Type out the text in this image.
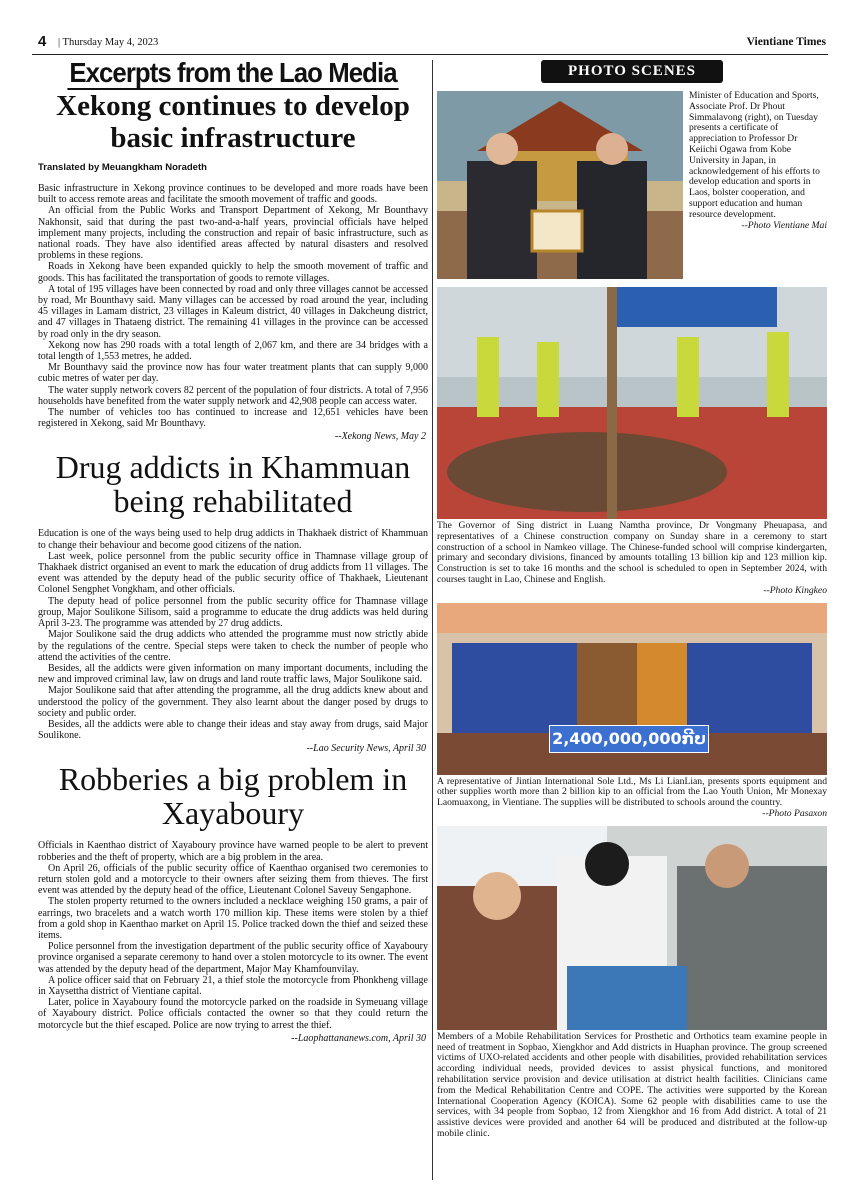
4 | Thursday May 4, 2023	Vientiane Times
Excerpts from the Lao Media
Xekong continues to develop basic infrastructure
Translated by Meuangkham Noradeth

Basic infrastructure in Xekong province continues to be developed and more roads have been built to access remote areas and facilitate the smooth movement of traffic and goods.

An official from the Public Works and Transport Department of Xekong, Mr Bounthavy Nakhonsit, said that during the past two-and-a-half years, provincial officials have helped implement many projects, including the construction and repair of basic infrastructure, such as national roads. They have also identified areas affected by natural disasters and resolved problems in these regions.

Roads in Xekong have been expanded quickly to help the smooth movement of traffic and goods. This has facilitated the transportation of goods to remote villages.

A total of 195 villages have been connected by road and only three villages cannot be accessed by road, Mr Bounthavy said. Many villages can be accessed by road around the year, including 45 villages in Lamam district, 23 villages in Kaleum district, 40 villages in Dakcheung district, and 47 villages in Thataeng district. The remaining 41 villages in the province can be accessed by road only in the dry season.

Xekong now has 290 roads with a total length of 2,067 km, and there are 34 bridges with a total length of 1,553 metres, he added.

Mr Bounthavy said the province now has four water treatment plants that can supply 9,000 cubic metres of water per day.

The water supply network covers 82 percent of the population of four districts. A total of 7,956 households have benefited from the water supply network and 42,908 people can access water.

The number of vehicles too has continued to increase and 12,651 vehicles have been registered in Xekong, said Mr Bounthavy.

--Xekong News, May 2
Drug addicts in Khammuan being rehabilitated

Education is one of the ways being used to help drug addicts in Thakhaek district of Khammuan to change their behaviour and become good citizens of the nation.

Last week, police personnel from the public security office in Thamnase village group of Thakhaek district organised an event to mark the education of drug addicts from 11 villages. The event was attended by the deputy head of the public security office of Thakhaek, Lieutenant Colonel Sengphet Vongkham, and other officials.

The deputy head of police personnel from the public security office for Thamnase village group, Major Soulikone Silisom, said a programme to educate the drug addicts was held during April 3-23. The programme was attended by 27 drug addicts.

Major Soulikone said the drug addicts who attended the programme must now strictly abide by the regulations of the centre. Special steps were taken to check the number of people who attend the activities of the centre.

Besides, all the addicts were given information on many important documents, including the new and improved criminal law, law on drugs and land route traffic laws, Major Soulikone said.

Major Soulikone said that after attending the programme, all the drug addicts knew about and understood the policy of the government. They also learnt about the danger posed by drugs to society and public order.

Besides, all the addicts were able to change their ideas and stay away from drugs, said Major Soulikone.

--Lao Security News, April 30
Robberies a big problem in Xayaboury

Officials in Kaenthao district of Xayaboury province have warned people to be alert to prevent robberies and the theft of property, which are a big problem in the area.

On April 26, officials of the public security office of Kaenthao organised two ceremonies to return stolen gold and a motorcycle to their owners after seizing them from thieves. The first event was attended by the deputy head of the office, Lieutenant Colonel Saveuy Sengaphone.

The stolen property returned to the owners included a necklace weighing 150 grams, a pair of earrings, two bracelets and a watch worth 170 million kip. These items were stolen by a thief from a gold shop in Kaenthao market on April 15. Police tracked down the thief and seized these items.

Police personnel from the investigation department of the public security office of Xayaboury province organised a separate ceremony to hand over a stolen motorcycle to its owner. The event was attended by the deputy head of the department, Major May Khamfounvilay.

A police officer said that on February 21, a thief stole the motorcycle from Phonkheng village in Xaysettha district of Vientiane capital.

Later, police in Xayaboury found the motorcycle parked on the roadside in Symeuang village of Xayaboury district. Police officials contacted the owner so that they could return the motorcycle but the thief escaped. Police are now trying to arrest the thief.

--Laophattananews.com, April 30
PHOTO SCENES
Minister of Education and Sports, Associate Prof. Dr Phout Simmalavong (right), on Tuesday presents a certificate of appreciation to Professor Dr Keiichi Ogawa from Kobe University in Japan, in acknowledgement of his efforts to develop education and sports in Laos, bolster cooperation, and support education and human resource development.
--Photo Vientiane Mai
The Governor of Sing district in Luang Namtha province, Dr Vongmany Pheuapasa, and representatives of a Chinese construction company on Sunday share in a ceremony to start construction of a school in Namkeo village. The Chinese-funded school will comprise kindergarten, primary and secondary divisions, financed by amounts totalling 13 billion kip and 123 million kip. Construction is set to take 16 months and the school is scheduled to open in September 2024, with courses taught in Lao, Chinese and English.
--Photo Kingkeo
2,400,000,000ກີບ
A representative of Jintian International Sole Ltd., Ms Li LianLian, presents sports equipment and other supplies worth more than 2 billion kip to an official from the Lao Youth Union, Mr Monexay Laomuaxong, in Vientiane. The supplies will be distributed to schools around the country.
--Photo Pasaxon
Members of a Mobile Rehabilitation Services for Prosthetic and Orthotics team examine people in need of treatment in Sopbao, Xiengkhor and Add districts in Huaphan province. The group screened victims of UXO-related accidents and other people with disabilities, provided rehabilitation services according individual needs, provided devices to assist physical functions, and monitored rehabilitation service provision and device utilisation at district health facilities. Clinicians came from the Medical Rehabilitation Centre and COPE. The activities were supported by the Korean International Cooperation Agency (KOICA). Some 62 people with disabilities came to use the services, with 34 people from Sopbao, 12 from Xiengkhor and 16 from Add district. A total of 21 assistive devices were provided and another 64 will be produced and distributed at the follow-up mobile clinic.
